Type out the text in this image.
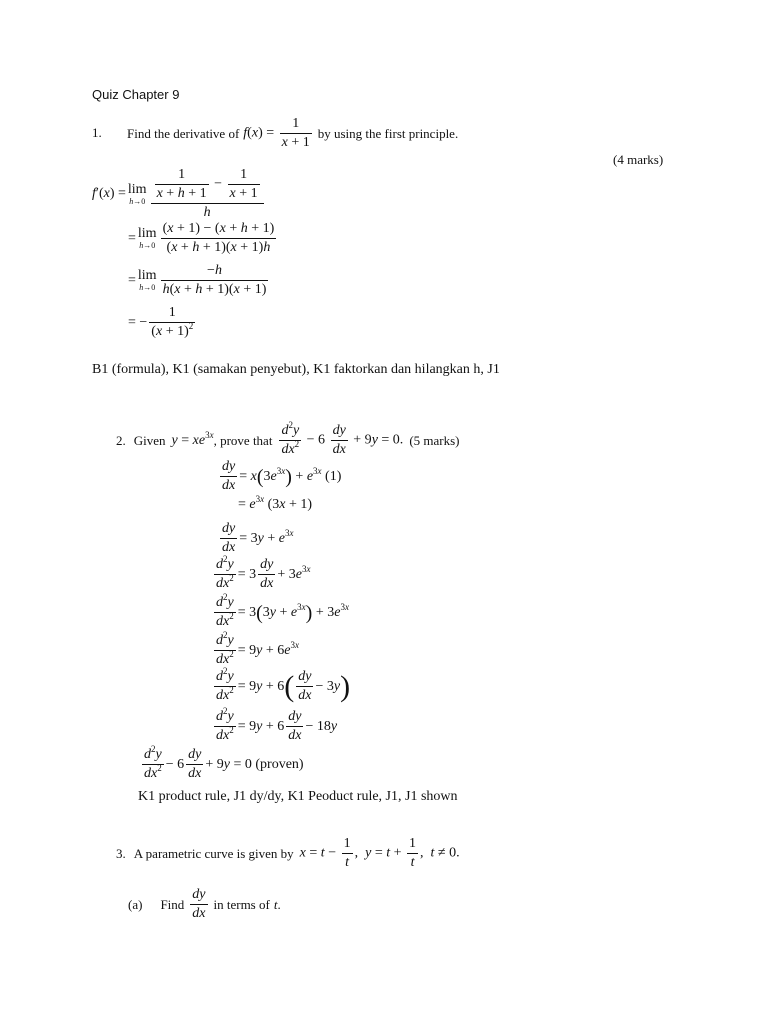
Quiz Chapter 9
1. Find the derivative of $f(x) = \frac{1}{x + 1}$ by using the first principle.
(4 marks)
f′(x) = lim
$h\to 0 \frac{\frac{1}{x + h + 1} - \frac{1}{x + 1}}{h}$
= lim
$h\to 0 \frac{(x + 1) - (x + h + 1)}{(x + h + 1)(x + 1)h}$
= lim
$h\to 0 \frac{-h}{h(x + h + 1)(x + 1)}$
= − $\frac{1}{(x + 1)^2}$
B1 (formula), K1 (samakan penyebut), K1 faktorkan dan hilangkan h, J1
2. Given $y = xe^{3x}$ , prove that $\frac{d^2y}{dx^2} - 6 \frac{dy}{dx} + 9y = 0$. (5 marks)
$\frac{dy}{dx} = x(3e^{3x}) + e^{3x}$ (1)
= $e^{3x}$ (3x + 1)
$\frac{dy}{dx} = 3y + e^{3x}$
$\frac{d^2y}{dx^2} = 3 \frac{dy}{dx} + 3e^{3x}$
$\frac{d^2y}{dx^2} = 3(3y + e^{3x}) + 3e^{3x}$
$\frac{d^2y}{dx^2} = 9y + 6e^{3x}$
$\frac{d^2y}{dx^2} = 9y + 6$ ( $\frac{dy}{dx} - 3y$ )
$\frac{d^2y}{dx^2} = 9y + 6 \frac{dy}{dx} - 18y$
$\frac{d^2y}{dx^2} - 6 \frac{dy}{dx} + 9y = 0$ (proven)
K1 product rule, J1 dy/dy, K1 Peoduct rule, J1, J1 shown
3. A parametric curve is given by $x = t - \frac{1}{t}$ ,  $y = t + \frac{1}{t}$ ,  t ≠ 0.
(a) Find $\frac{dy}{dx}$ in terms of t .
